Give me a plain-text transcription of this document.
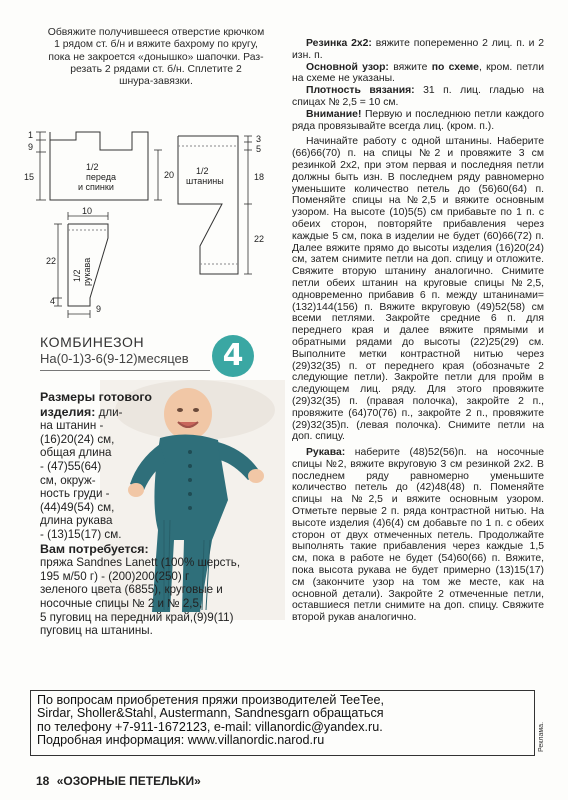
Обвяжите получившееся отверстие крючком
1 рядом ст. б/н и вяжите бахрому по кругу,
пока не закроется «донышко» шапочки. Раз-
резать 2 рядами ст. б/н. Сплетите 2
шнура-завязки.
1
9
15	20
1/2
переда
и спинки
3
5
18
22
1/2
штанины
10
22
4
9
1/2 рукава
КОМБИНЕЗОН
На(0-1)3-6(9-12)месяцев	4
Размеры готового изделия: дли-
на штанин -
(16)20(24) см,
общая длина
- (47)55(64)
см, окруж-
ность груди -
(44)49(54) см,
длина рукава
- (13)15(17) см.
Вам потребуется:
пряжа Sandnes Lanett (100% шерсть,
195 м/50 г) - (200)200(250) г
зеленого цвета (6855), круговые и
носочные спицы № 2 и № 2,5,
5 пуговиц на передний край,(9)9(11)
пуговиц на штанины.

Резинка 2х2: вяжите попеременно 2 лиц. п. и 2 изн. п.

Основной узор: вяжите по схеме, кром. петли на схеме не указаны.

Плотность вязания: 31 п. лиц. гладью на спицах № 2,5 = 10 см.

Внимание! Первую и последнюю петли каждого ряда провязывайте всегда лиц. (кром. п.).

Начинайте работу с одной штанины. Наберите (66)66(70) п. на спицы №2 и провяжите 3 см резинкой 2х2, при этом первая и последняя петли должны быть изн. В последнем ряду равномерно уменьшите количество петель до (56)60(64) п. Поменяйте спицы на №2,5 и вяжите основным узором. На высоте (10)5(5) см прибавьте по 1 п. с обеих сторон, повторяйте прибавления через каждые 5 см, пока в изделии не будет (60)66(72) п. Далее вяжите прямо до высоты изделия (16)20(24) см, затем снимите петли на доп. спицу и отложите. Свяжите вторую штанину аналогично. Снимите петли обеих штанин на круговые спицы №2,5, одновременно прибавив 6 п. между штанинами= (132)144(156) п. Вяжите вкруговую (49)52(58) см всеми петлями. Закройте средние 6 п. для переднего края и далее вяжите прямыми и обратными рядами до высоты (22)25(29) см. Выполните метки контрастной нитью через (29)32(35) п. от переднего края (обозначьте 2 следующие петли). Закройте петли для пройм в следующем лиц. ряду. Для этого провяжите (29)32(35) п. (правая полочка), закройте 2 п., провяжите (64)70(76) п., закройте 2 п., провяжите (29)32(35)п. (левая полочка). Снимите петли на доп. спицу.

Рукава: наберите (48)52(56)п. на носочные спицы №2, вяжите вкруговую 3 см резинкой 2х2. В последнем ряду равномерно уменьшите количество петель до (42)48(48) п. Поменяйте спицы на №2,5 и вяжите основным узором. Отметьте первые 2 п. ряда контрастной нитью. На высоте изделия (4)6(4) см добавьте по 1 п. с обеих сторон от двух отмеченных петель. Продолжайте выполнять такие прибавления через каждые 1,5 см, пока в работе не будет (54)60(66) п. Вяжите, пока высота рукава не будет примерно (13)15(17) см (закончите узор на том же месте, как на основной детали). Закройте 2 отмеченные петли, оставшиеся петли снимите на доп. спицу. Свяжите второй рукав аналогично.

По вопросам приобретения пряжи производителей TeeTee,
Sirdar, Sholler&Stahl, Austermann, Sandnesgarn обращаться
по телефону +7-911-1672123, e-mail: villanordic@yandex.ru.
Подробная информация: www.villanordic.narod.ru	Реклама.
18 «ОЗОРНЫЕ ПЕТЕЛЬКИ»
